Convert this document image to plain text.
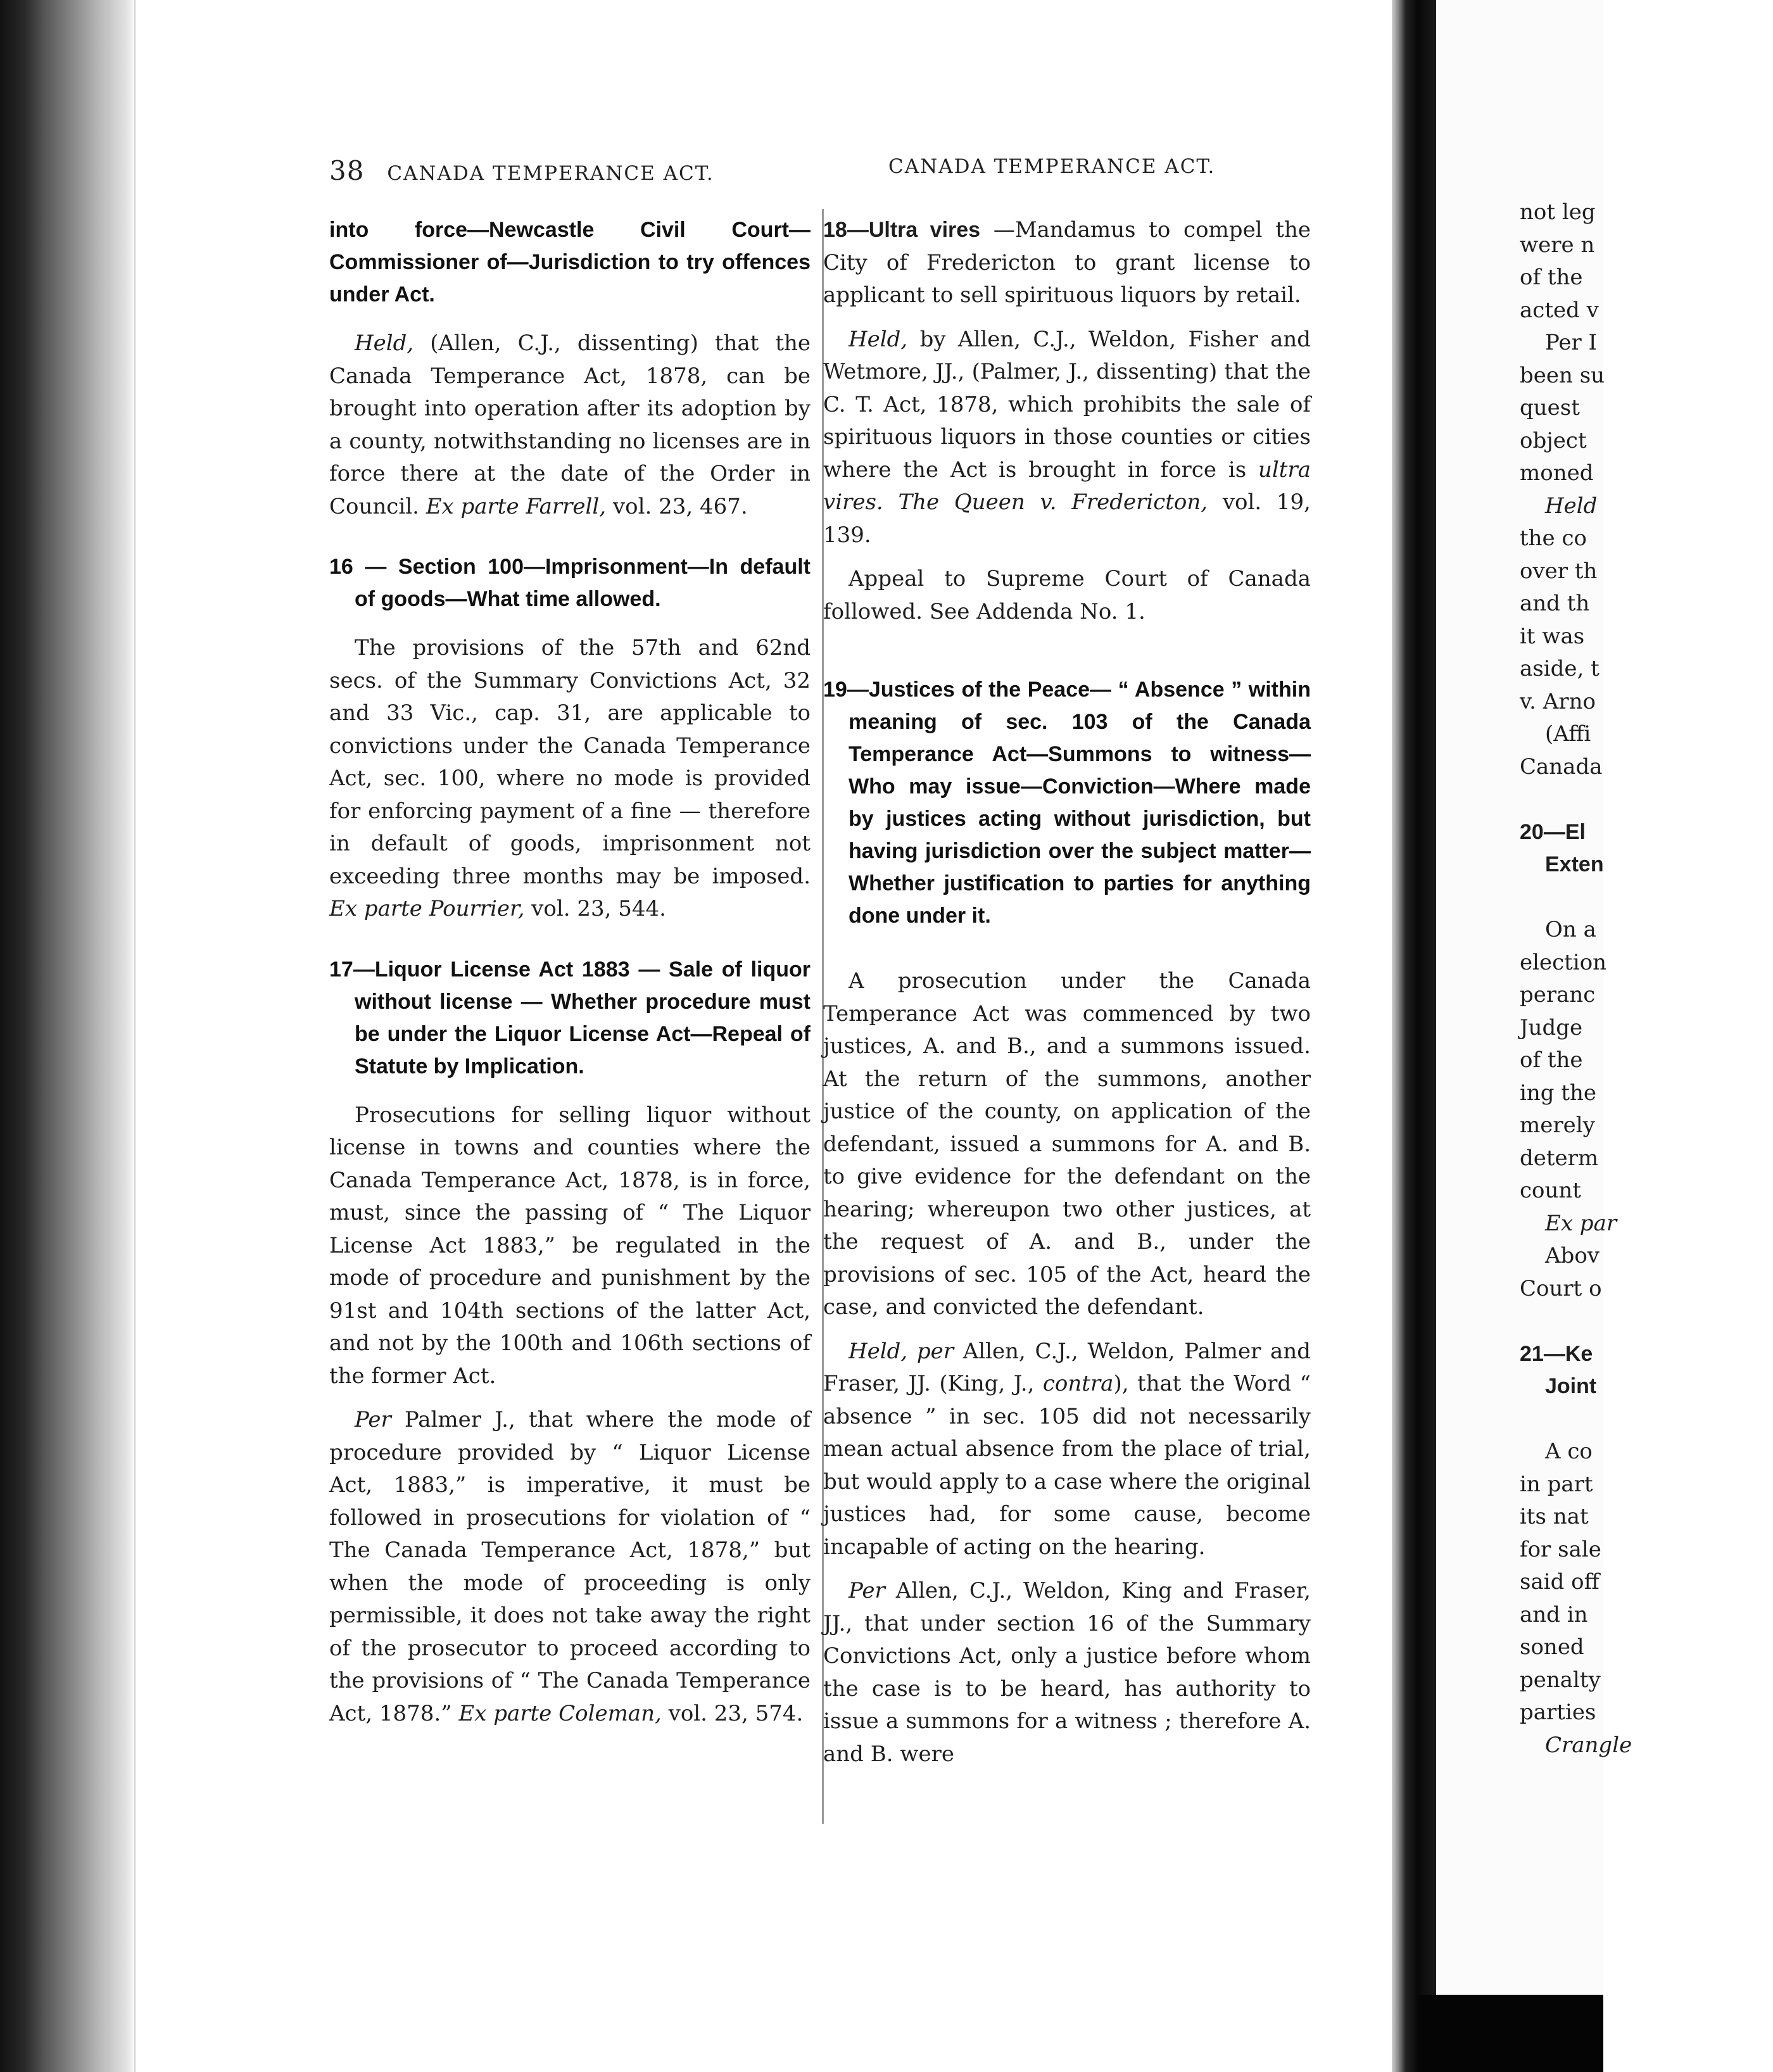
38 CANADA TEMPERANCE ACT.	CANADA TEMPERANCE ACT.
into force—Newcastle Civil Court—Commissioner of—Jurisdiction to try offences under Act.
Held, (Allen, C.J., dissenting) that the Canada Temperance Act, 1878, can be brought into operation after its adoption by a county, notwithstanding no licenses are in force there at the date of the Order in Council. Ex parte Farrell, vol. 23, 467.
16 — Section 100—Imprisonment—In default of goods—What time allowed.
The provisions of the 57th and 62nd secs. of the Summary Convictions Act, 32 and 33 Vic., cap. 31, are applicable to convictions under the Canada Temperance Act, sec. 100, where no mode is provided for enforcing payment of a fine — therefore in default of goods, imprisonment not exceeding three months may be imposed. Ex parte Pourrier, vol. 23, 544.
17—Liquor License Act 1883 — Sale of liquor without license — Whether procedure must be under the Liquor License Act—Repeal of Statute by Implication.
Prosecutions for selling liquor without license in towns and counties where the Canada Temperance Act, 1878, is in force, must, since the passing of “ The Liquor License Act 1883,” be regulated in the mode of procedure and punishment by the 91st and 104th sections of the latter Act, and not by the 100th and 106th sections of the former Act.
Per Palmer J., that where the mode of procedure provided by “ Liquor License Act, 1883,” is imperative, it must be followed in prosecutions for violation of “ The Canada Temperance Act, 1878,” but when the mode of proceeding is only permissible, it does not take away the right of the prosecutor to proceed according to the provisions of “ The Canada Temperance Act, 1878.” Ex parte Coleman, vol. 23, 574.
18—Ultra vires —Mandamus to compel the City of Fredericton to grant license to applicant to sell spirituous liquors by retail.
Held, by Allen, C.J., Weldon, Fisher and Wetmore, JJ., (Palmer, J., dissenting) that the C. T. Act, 1878, which prohibits the sale of spirituous liquors in those counties or cities where the Act is brought in force is ultra vires. The Queen v. Fredericton, vol. 19, 139.
Appeal to Supreme Court of Canada followed. See Addenda No. 1.
19—Justices of the Peace— “ Absence ” within meaning of sec. 103 of the Canada Temperance Act—Summons to witness—Who may issue—Conviction—Where made by justices acting without jurisdiction, but having jurisdiction over the subject matter—Whether justification to parties for anything done under it.
A prosecution under the Canada Temperance Act was commenced by two justices, A. and B., and a summons issued. At the return of the summons, another justice of the county, on application of the defendant, issued a summons for A. and B. to give evidence for the defendant on the hearing; whereupon two other justices, at the request of A. and B., under the provisions of sec. 105 of the Act, heard the case, and convicted the defendant.
Held, per Allen, C.J., Weldon, Palmer and Fraser, JJ. (King, J., contra), that the Word “ absence ” in sec. 105 did not necessarily mean actual absence from the place of trial, but would apply to a case where the original justices had, for some cause, become incapable of acting on the hearing.
Per Allen, C.J., Weldon, King and Fraser, JJ., that under section 16 of the Summary Convictions Act, only a justice before whom the case is to be heard, has authority to issue a summons for a witness ; therefore A. and B. were
not leg
were n
of the
acted v
Per I
been su
quest
object
moned
Held
the co
over th
and th
it was
aside, t
v. Arno
(Affi
Canada

20—El
Exten

On a
election
peranc
Judge
of the
ing the
merely
determ
count
Ex par
Abov
Court o

21—Ke
Joint

A co
in part
its nat
for sale
said off
and in
soned
penalty
parties
Crangle
